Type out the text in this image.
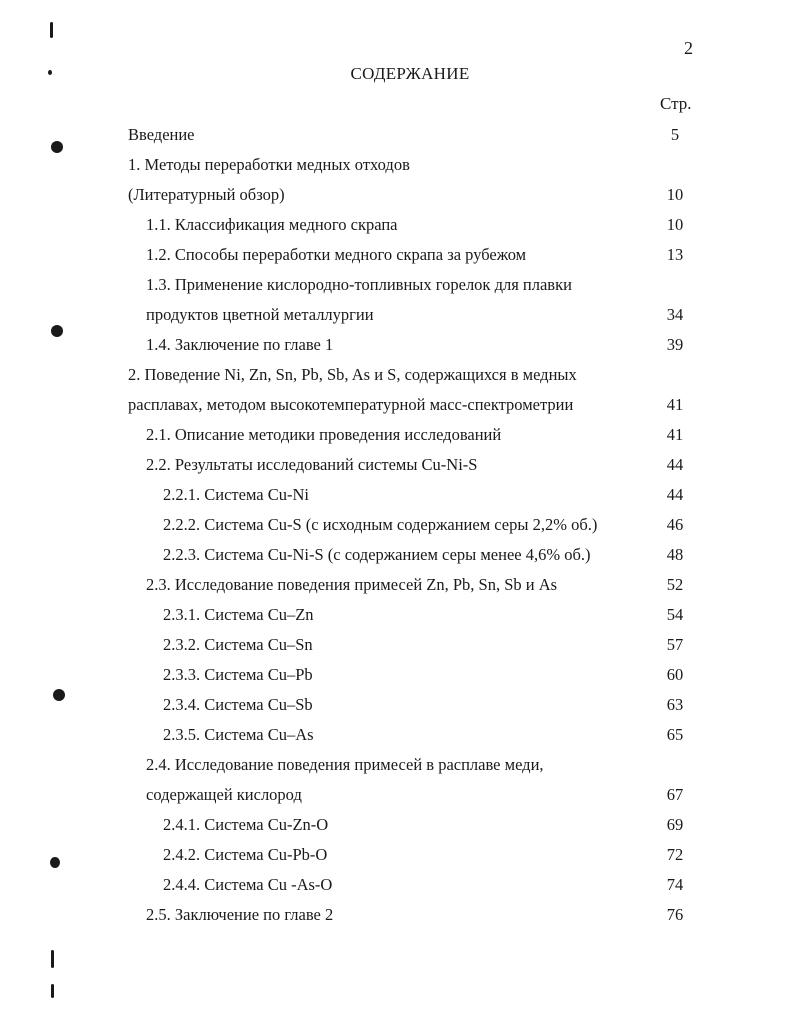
2
СОДЕРЖАНИЕ
Стр.
Введение	5
1. Методы переработки медных отходов
(Литературный обзор)	10
1.1. Классификация медного скрапа	10
1.2. Способы переработки медного скрапа за рубежом	13
1.3. Применение кислородно-топливных горелок для плавки
продуктов цветной металлургии	34
1.4. Заключение по главе 1	39
2. Поведение Ni, Zn, Sn, Pb, Sb, As и S, содержащихся в медных
расплавах, методом высокотемпературной масс-спектрометрии	41
2.1. Описание методики проведения исследований	41
2.2. Результаты исследований системы Cu-Ni-S	44
2.2.1. Система Cu-Ni	44
2.2.2. Система Cu-S (с исходным содержанием серы 2,2% об.)	46
2.2.3. Система Cu-Ni-S (с содержанием серы менее 4,6% об.)	48
2.3. Исследование поведения примесей Zn, Pb, Sn, Sb и As	52
2.3.1. Система Cu–Zn	54
2.3.2. Система Cu–Sn	57
2.3.3. Система Cu–Pb	60
2.3.4. Система Cu–Sb	63
2.3.5. Система Cu–As	65
2.4. Исследование поведения примесей в расплаве меди,
содержащей кислород	67
2.4.1. Система Cu-Zn-O	69
2.4.2. Система Cu-Pb-O	72
2.4.4. Система Cu -As-O	74
2.5. Заключение по главе 2	76
